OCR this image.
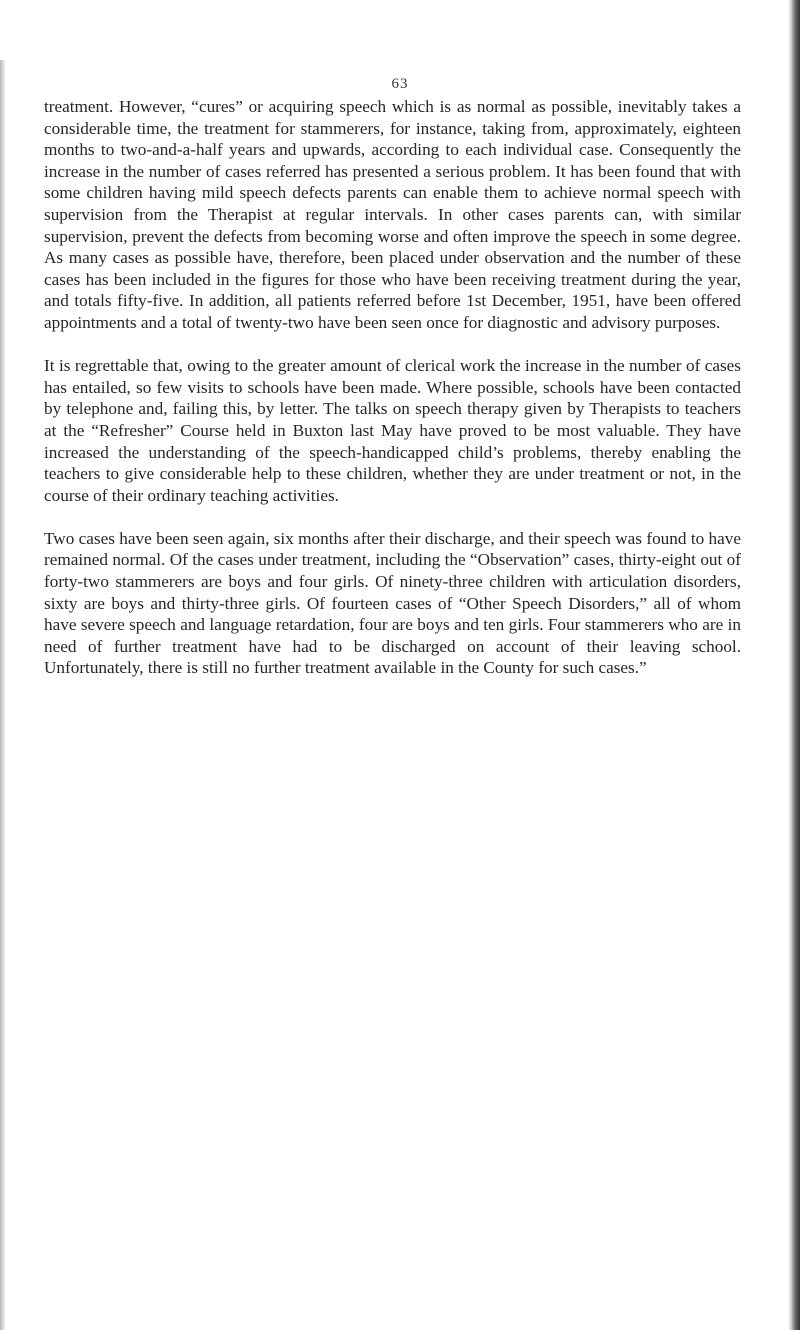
63

treatment. However, “cures” or acquiring speech which is as normal as possible, inevitably takes a considerable time, the treatment for stammerers, for instance, taking from, approximately, eighteen months to two-and-a-half years and upwards, according to each individual case. Consequently the increase in the number of cases referred has presented a serious problem. It has been found that with some children having mild speech defects parents can enable them to achieve normal speech with supervision from the Therapist at regular intervals. In other cases parents can, with similar supervision, prevent the defects from becoming worse and often improve the speech in some degree. As many cases as possible have, therefore, been placed under observation and the number of these cases has been included in the figures for those who have been receiving treatment during the year, and totals fifty-five. In addition, all patients referred before 1st December, 1951, have been offered appointments and a total of twenty-two have been seen once for diagnostic and advisory purposes.

It is regrettable that, owing to the greater amount of clerical work the increase in the number of cases has entailed, so few visits to schools have been made. Where possible, schools have been contacted by telephone and, failing this, by letter. The talks on speech therapy given by Therapists to teachers at the “Refresher” Course held in Buxton last May have proved to be most valuable. They have increased the understanding of the speech-handicapped child’s problems, thereby enabling the teachers to give considerable help to these children, whether they are under treatment or not, in the course of their ordinary teaching activities.

Two cases have been seen again, six months after their discharge, and their speech was found to have remained normal. Of the cases under treatment, including the “Observation” cases, thirty-eight out of forty-two stammerers are boys and four girls. Of ninety-three children with articulation disorders, sixty are boys and thirty-three girls. Of fourteen cases of “Other Speech Disorders,” all of whom have severe speech and language retardation, four are boys and ten girls. Four stammerers who are in need of further treatment have had to be discharged on account of their leaving school. Unfortunately, there is still no further treatment available in the County for such cases.”
